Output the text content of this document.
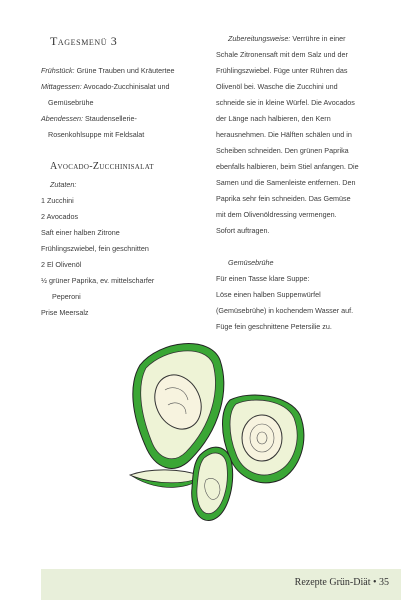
Tagesmenü 3
Frühstück: Grüne Trauben und Kräutertee
Mittagessen: Avocado-Zucchinisalat und
Gemüsebrühe
Abendessen: Staudensellerie-
Rosenkohlsuppe mit Feldsalat
Avocado-Zucchinisalat
Zutaten:
1 Zucchini
2 Avocados
Saft einer halben Zitrone
Frühlingszwiebel, fein geschnitten
2 El Olivenöl
½ grüner Paprika, ev. mittelscharfer
Peperoni
Prise Meersalz
Zubereitungsweise: Verrühre in einer
Schale Zitronensaft mit dem Salz und der
Frühlingszwiebel. Füge unter Rühren das
Olivenöl bei. Wasche die Zucchini und
schneide sie in kleine Würfel. Die Avocados
der Länge nach halbieren, den Kern
herausnehmen. Die Hälften schälen und in
Scheiben schneiden. Den grünen Paprika
ebenfalls halbieren, beim Stiel anfangen. Die
Samen und die Samenleiste entfernen. Den
Paprika sehr fein schneiden. Das Gemüse
mit dem Olivenöldressing vermengen.
Sofort auftragen.
Gemüsebrühe
Für einen Tasse klare Suppe:
Löse einen halben Suppenwürfel
(Gemüsebrühe) in kochendem Wasser auf.
Füge fein geschnittene Petersilie zu.
Rezepte Grün-Diät • 35
